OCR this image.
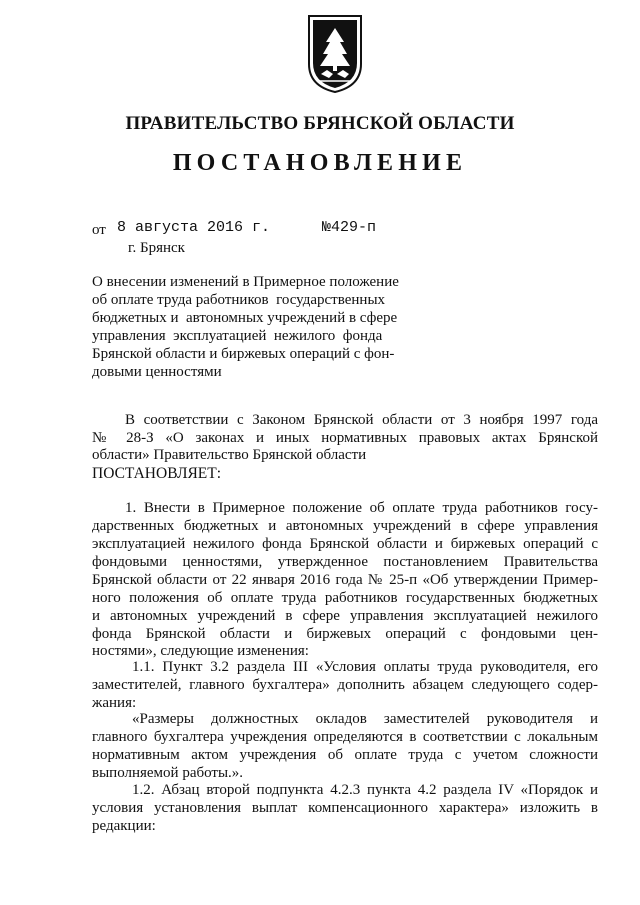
ПРАВИТЕЛЬСТВО БРЯНСКОЙ ОБЛАСТИ
ПОСТАНОВЛЕНИЕ
от 8 августа 2016 г.	№429-п
г. Брянск
О внесении изменений в Примерное положение
об оплате труда работников  государственных
бюджетных и  автономных учреждений в сфере
управления  эксплуатацией  нежилого  фонда
Брянской области и биржевых операций с фон-
довыми ценностями
В соответствии с Законом Брянской области от 3 ноября 1997 года
№ 28-З «О законах и иных нормативных правовых актах Брянской
области» Правительство Брянской области
ПОСТАНОВЛЯЕТ:
1. Внести в Примерное положение об оплате труда работников госу-
дарственных бюджетных и автономных учреждений в сфере управления
эксплуатацией нежилого фонда Брянской области и биржевых операций с
фондовыми ценностями, утвержденное постановлением Правительства
Брянской области от 22 января 2016 года № 25-п «Об утверждении Пример-
ного положения об оплате труда работников государственных бюджетных
и автономных учреждений в сфере управления эксплуатацией нежилого
фонда Брянской области и биржевых операций с фондовыми цен-
ностями», следующие изменения:
1.1. Пункт 3.2 раздела III «Условия оплаты труда руководителя, его
заместителей, главного бухгалтера» дополнить абзацем следующего содер-
жания:
«Размеры должностных окладов заместителей руководителя и
главного бухгалтера учреждения определяются в соответствии с локальным
нормативным актом учреждения об оплате труда с учетом сложности
выполняемой работы.».
1.2. Абзац второй подпункта 4.2.3 пункта 4.2 раздела IV «Порядок и
условия установления выплат компенсационного характера» изложить в
редакции:
